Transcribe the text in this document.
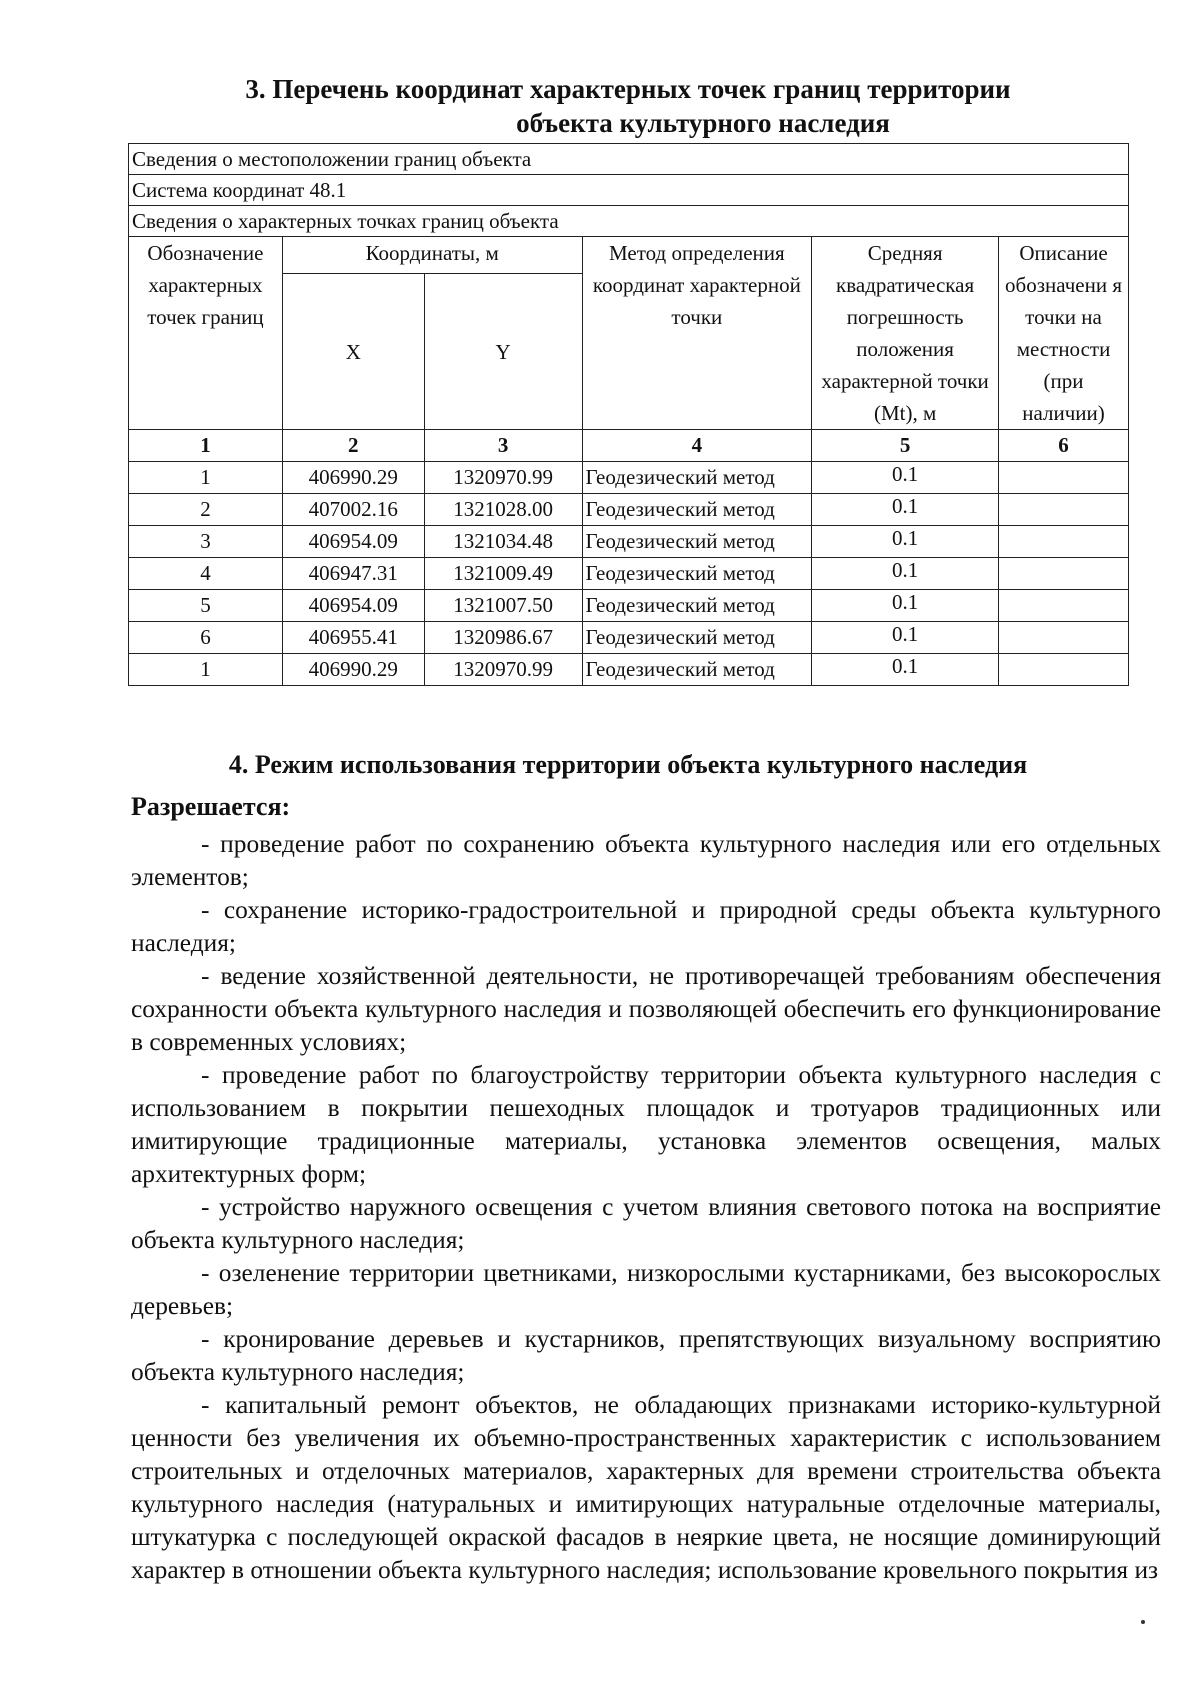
3. Перечень координат характерных точек границ территории
объекта культурного наследия
Сведения о местоположении границ объекта					
Система координат 48.1					
Сведения о характерных точках границ объекта					
Обозначение характерных точек границ	Координаты, м		Метод определения координат характерной точки	Средняя квадратическая погрешность положения характерной точки (Mt), м	Описание обозначени я точки на местности (при наличии)
	X	Y			
1	2	3	4	5	6
1	406990.29	1320970.99	Геодезический метод	0.1	
2	407002.16	1321028.00	Геодезический метод	0.1	
3	406954.09	1321034.48	Геодезический метод	0.1	
4	406947.31	1321009.49	Геодезический метод	0.1	
5	406954.09	1321007.50	Геодезический метод	0.1	
6	406955.41	1320986.67	Геодезический метод	0.1	
1	406990.29	1320970.99	Геодезический метод	0.1	
4. Режим использования территории объекта культурного наследия
Разрешается:

- проведение работ по сохранению объекта культурного наследия или его отдельных элементов;

- сохранение историко-градостроительной и природной среды объекта культурного наследия;

- ведение хозяйственной деятельности, не противоречащей требованиям обеспечения сохранности объекта культурного наследия и позволяющей обеспечить его функционирование в современных условиях;

- проведение работ по благоустройству территории объекта культурного наследия с использованием в покрытии пешеходных площадок и тротуаров традиционных или имитирующие традиционные материалы, установка элементов освещения, малых архитектурных форм;

- устройство наружного освещения с учетом влияния светового потока на восприятие объекта культурного наследия;

- озеленение территории цветниками, низкорослыми кустарниками, без высокорослых деревьев;

- кронирование деревьев и кустарников, препятствующих визуальному восприятию объекта культурного наследия;

- капитальный ремонт объектов, не обладающих признаками историко-культурной ценности без увеличения их объемно-пространственных характеристик с использованием строительных и отделочных материалов, характерных для времени строительства объекта культурного наследия (натуральных и имитирующих натуральные отделочные материалы, штукатурка с последующей окраской фасадов в неяркие цвета, не носящие доминирующий характер в отношении объекта культурного наследия; использование кровельного покрытия из
